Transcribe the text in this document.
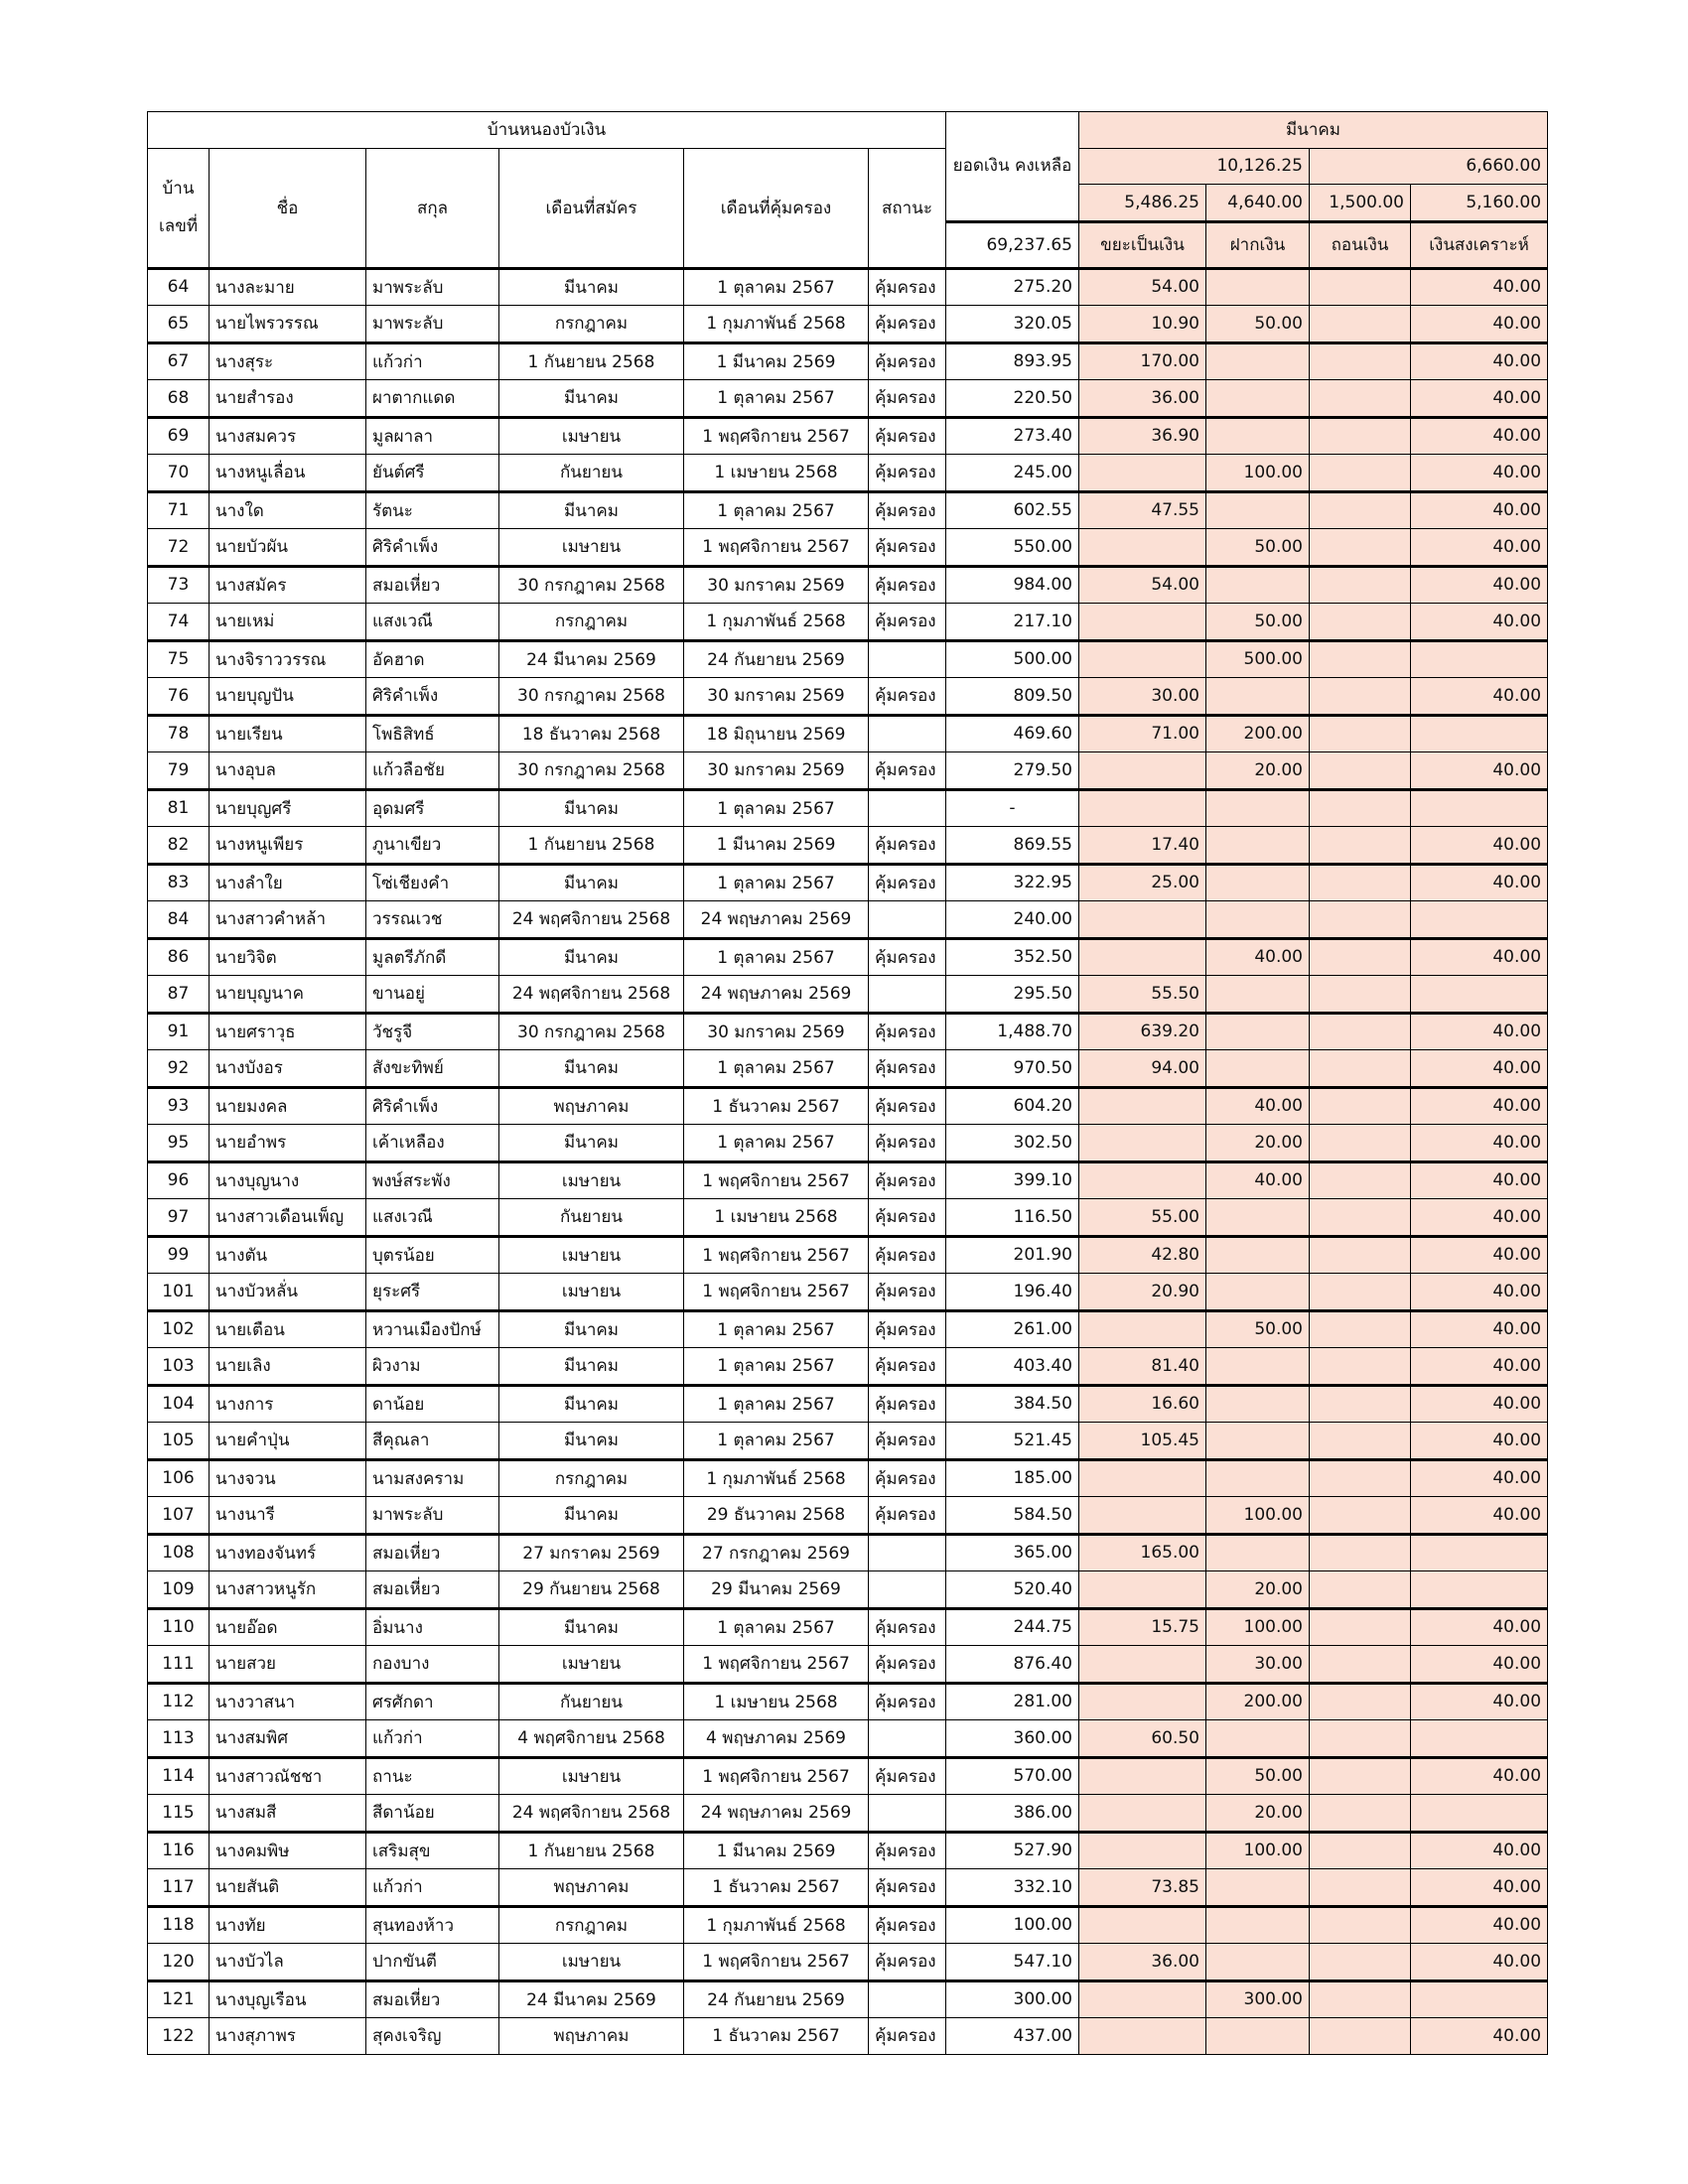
บ้านหนองบัวเงิน						ยอดเงิน คงเหลือ	มีนาคม			
บ้าน เลขที่	ชื่อ	สกุล	เดือนที่สมัคร	เดือนที่คุ้มครอง	สถานะ		10,126.25		6,660.00	
							5,486.25	4,640.00	1,500.00	5,160.00
						69,237.65	ขยะเป็นเงิน	ฝากเงิน	ถอนเงิน	เงินสงเคราะห์
64	นางละมาย	มาพระลับ	มีนาคม	1 ตุลาคม 2567	คุ้มครอง	275.20	54.00			40.00
65	นายไพรวรรณ	มาพระลับ	กรกฎาคม	1 กุมภาพันธ์ 2568	คุ้มครอง	320.05	10.90	50.00		40.00
67	นางสุระ	แก้วก่า	1 กันยายน 2568	1 มีนาคม 2569	คุ้มครอง	893.95	170.00			40.00
68	นายสำรอง	ผาตากแดด	มีนาคม	1 ตุลาคม 2567	คุ้มครอง	220.50	36.00			40.00
69	นางสมควร	มูลผาลา	เมษายน	1 พฤศจิกายน 2567	คุ้มครอง	273.40	36.90			40.00
70	นางหนูเลื่อน	ยันต์ศรี	กันยายน	1 เมษายน 2568	คุ้มครอง	245.00		100.00		40.00
71	นางใด	รัตนะ	มีนาคม	1 ตุลาคม 2567	คุ้มครอง	602.55	47.55			40.00
72	นายบัวผัน	ศิริคำเพ็ง	เมษายน	1 พฤศจิกายน 2567	คุ้มครอง	550.00		50.00		40.00
73	นางสมัคร	สมอเหี่ยว	30 กรกฎาคม 2568	30 มกราคม 2569	คุ้มครอง	984.00	54.00			40.00
74	นายเหม่	แสงเวณี	กรกฎาคม	1 กุมภาพันธ์ 2568	คุ้มครอง	217.10		50.00		40.00
75	นางจิราววรรณ	อัคฮาด	24 มีนาคม 2569	24 กันยายน 2569		500.00		500.00		
76	นายบุญปัน	ศิริคำเพ็ง	30 กรกฎาคม 2568	30 มกราคม 2569	คุ้มครอง	809.50	30.00			40.00
78	นายเรียน	โพธิสิทธ์	18 ธันวาคม 2568	18 มิถุนายน 2569		469.60	71.00	200.00		
79	นางอุบล	แก้วลือชัย	30 กรกฎาคม 2568	30 มกราคม 2569	คุ้มครอง	279.50		20.00		40.00
81	นายบุญศรี	อุดมศรี	มีนาคม	1 ตุลาคม 2567		-				
82	นางหนูเพียร	ภูนาเขียว	1 กันยายน 2568	1 มีนาคม 2569	คุ้มครอง	869.55	17.40			40.00
83	นางลำใย	โซ่เชียงคำ	มีนาคม	1 ตุลาคม 2567	คุ้มครอง	322.95	25.00			40.00
84	นางสาวคำหล้า	วรรณเวช	24 พฤศจิกายน 2568	24 พฤษภาคม 2569		240.00				
86	นายวิจิต	มูลตรีภักดี	มีนาคม	1 ตุลาคม 2567	คุ้มครอง	352.50		40.00		40.00
87	นายบุญนาค	ขานอยู่	24 พฤศจิกายน 2568	24 พฤษภาคม 2569		295.50	55.50			
91	นายศราวุธ	วัชรูจี	30 กรกฎาคม 2568	30 มกราคม 2569	คุ้มครอง	1,488.70	639.20			40.00
92	นางบังอร	สังขะทิพย์	มีนาคม	1 ตุลาคม 2567	คุ้มครอง	970.50	94.00			40.00
93	นายมงคล	ศิริคำเพ็ง	พฤษภาคม	1 ธันวาคม 2567	คุ้มครอง	604.20		40.00		40.00
95	นายอำพร	เค้าเหลือง	มีนาคม	1 ตุลาคม 2567	คุ้มครอง	302.50		20.00		40.00
96	นางบุญนาง	พงษ์สระพัง	เมษายน	1 พฤศจิกายน 2567	คุ้มครอง	399.10		40.00		40.00
97	นางสาวเดือนเพ็ญ	แสงเวณี	กันยายน	1 เมษายน 2568	คุ้มครอง	116.50	55.00			40.00
99	นางตัน	บุตรน้อย	เมษายน	1 พฤศจิกายน 2567	คุ้มครอง	201.90	42.80			40.00
101	นางบัวหลั่น	ยุระศรี	เมษายน	1 พฤศจิกายน 2567	คุ้มครอง	196.40	20.90			40.00
102	นายเตือน	หวานเมืองปักษ์	มีนาคม	1 ตุลาคม 2567	คุ้มครอง	261.00		50.00		40.00
103	นายเลิง	ผิวงาม	มีนาคม	1 ตุลาคม 2567	คุ้มครอง	403.40	81.40			40.00
104	นางการ	ดาน้อย	มีนาคม	1 ตุลาคม 2567	คุ้มครอง	384.50	16.60			40.00
105	นายคำปุ่น	สีคุณลา	มีนาคม	1 ตุลาคม 2567	คุ้มครอง	521.45	105.45			40.00
106	นางจวน	นามสงคราม	กรกฎาคม	1 กุมภาพันธ์ 2568	คุ้มครอง	185.00				40.00
107	นางนารี	มาพระลับ	มีนาคม	29 ธันวาคม 2568	คุ้มครอง	584.50		100.00		40.00
108	นางทองจันทร์	สมอเหี่ยว	27 มกราคม 2569	27 กรกฎาคม 2569		365.00	165.00			
109	นางสาวหนูรัก	สมอเหี่ยว	29 กันยายน 2568	29 มีนาคม 2569		520.40		20.00		
110	นายอ๊อด	อิ่มนาง	มีนาคม	1 ตุลาคม 2567	คุ้มครอง	244.75	15.75	100.00		40.00
111	นายสวย	กองบาง	เมษายน	1 พฤศจิกายน 2567	คุ้มครอง	876.40		30.00		40.00
112	นางวาสนา	ศรศักดา	กันยายน	1 เมษายน 2568	คุ้มครอง	281.00		200.00		40.00
113	นางสมพิศ	แก้วก่า	4 พฤศจิกายน 2568	4 พฤษภาคม 2569		360.00	60.50			
114	นางสาวณัชชา	ถานะ	เมษายน	1 พฤศจิกายน 2567	คุ้มครอง	570.00		50.00		40.00
115	นางสมสี	สีดาน้อย	24 พฤศจิกายน 2568	24 พฤษภาคม 2569		386.00		20.00		
116	นางคมพิษ	เสริมสุข	1 กันยายน 2568	1 มีนาคม 2569	คุ้มครอง	527.90		100.00		40.00
117	นายสันติ	แก้วก่า	พฤษภาคม	1 ธันวาคม 2567	คุ้มครอง	332.10	73.85			40.00
118	นางทัย	สุนทองห้าว	กรกฎาคม	1 กุมภาพันธ์ 2568	คุ้มครอง	100.00				40.00
120	นางบัวไล	ปากขันตี	เมษายน	1 พฤศจิกายน 2567	คุ้มครอง	547.10	36.00			40.00
121	นางบุญเรือน	สมอเหี่ยว	24 มีนาคม 2569	24 กันยายน 2569		300.00		300.00		
122	นางสุภาพร	สุคงเจริญ	พฤษภาคม	1 ธันวาคม 2567	คุ้มครอง	437.00				40.00
